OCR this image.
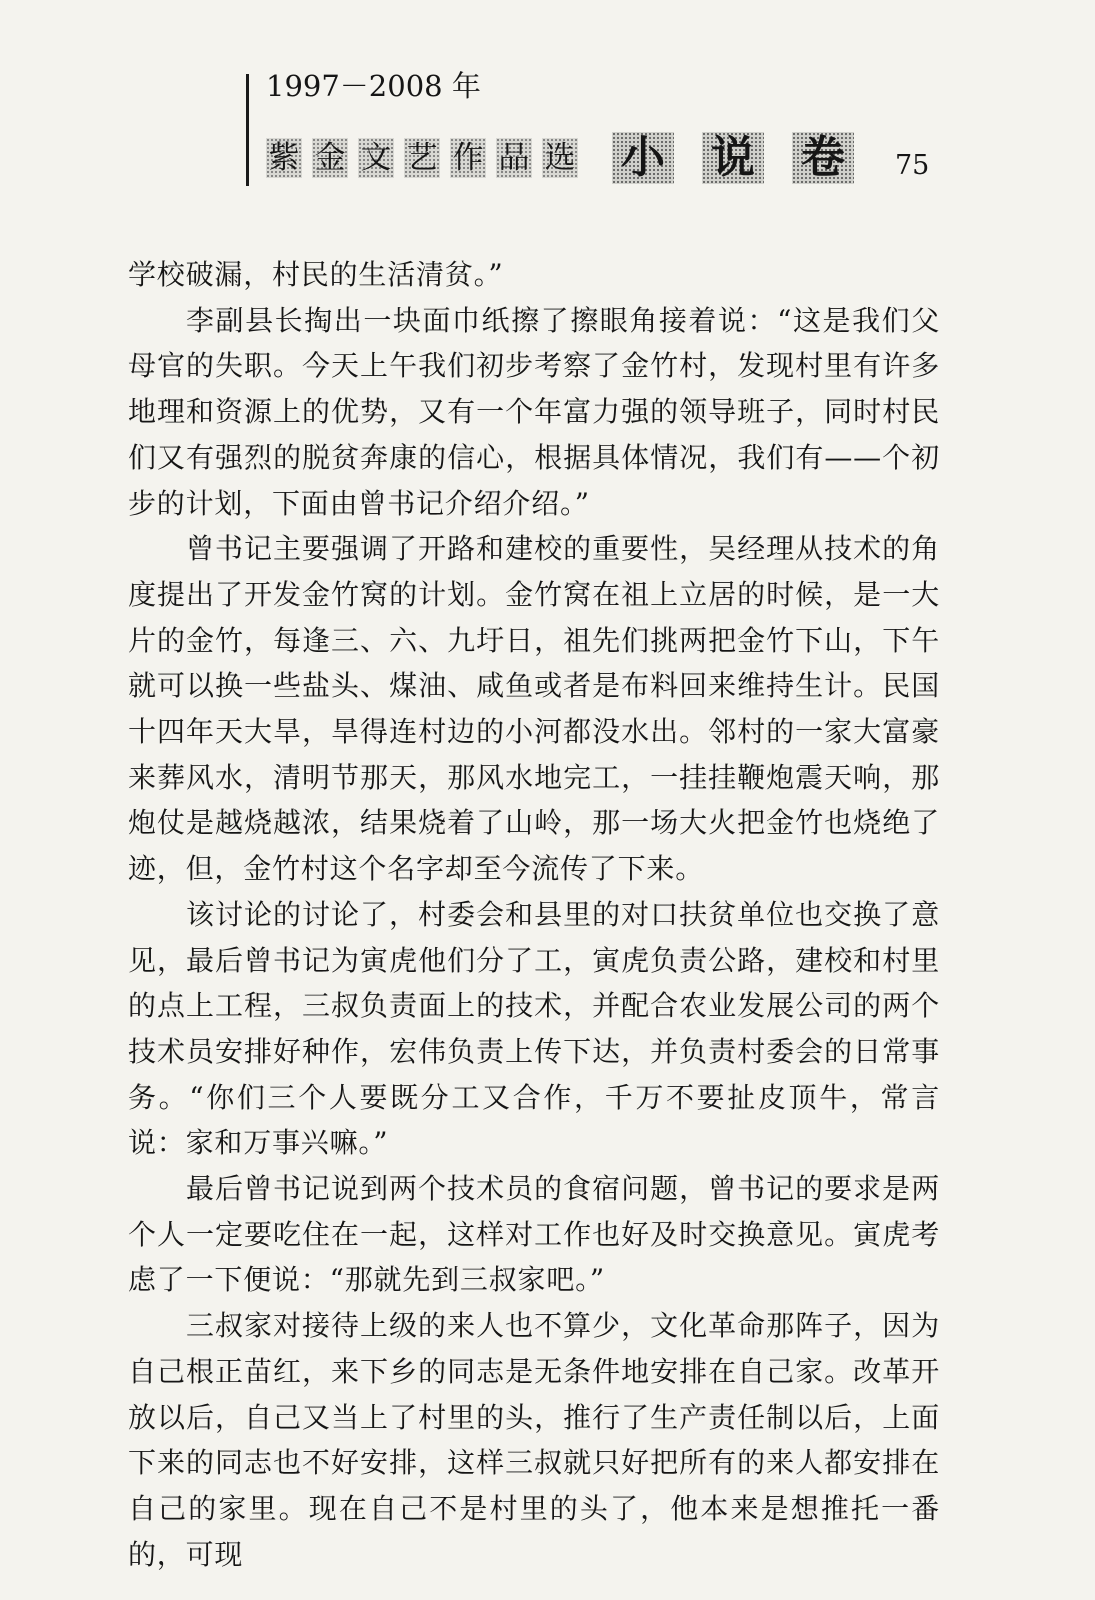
1997－2008 年
紫 金 文 艺 作 品 选 小 说 卷	75

学校破漏，村民的生活清贫。”

李副县长掏出一块面巾纸擦了擦眼角接着说：“这是我们父母官的失职。今天上午我们初步考察了金竹村，发现村里有许多地理和资源上的优势，又有一个年富力强的领导班子，同时村民们又有强烈的脱贫奔康的信心，根据具体情况，我们有——个初步的计划，下面由曾书记介绍介绍。”

曾书记主要强调了开路和建校的重要性，吴经理从技术的角度提出了开发金竹窝的计划。金竹窝在祖上立居的时候，是一大片的金竹，每逢三、六、九圩日，祖先们挑两把金竹下山，下午就可以换一些盐头、煤油、咸鱼或者是布料回来维持生计。民国十四年天大旱，旱得连村边的小河都没水出。邻村的一家大富豪来葬风水，清明节那天，那风水地完工，一挂挂鞭炮震天响，那炮仗是越烧越浓，结果烧着了山岭，那一场大火把金竹也烧绝了迹，但，金竹村这个名字却至今流传了下来。

该讨论的讨论了，村委会和县里的对口扶贫单位也交换了意见，最后曾书记为寅虎他们分了工，寅虎负责公路，建校和村里的点上工程，三叔负责面上的技术，并配合农业发展公司的两个技术员安排好种作，宏伟负责上传下达，并负责村委会的日常事务。“你们三个人要既分工又合作，千万不要扯皮顶牛，常言说：家和万事兴嘛。”

最后曾书记说到两个技术员的食宿问题，曾书记的要求是两个人一定要吃住在一起，这样对工作也好及时交换意见。寅虎考虑了一下便说：“那就先到三叔家吧。”

三叔家对接待上级的来人也不算少，文化革命那阵子，因为自己根正苗红，来下乡的同志是无条件地安排在自己家。改革开放以后，自己又当上了村里的头，推行了生产责任制以后，上面下来的同志也不好安排，这样三叔就只好把所有的来人都安排在自己的家里。现在自己不是村里的头了，他本来是想推托一番的，可现
